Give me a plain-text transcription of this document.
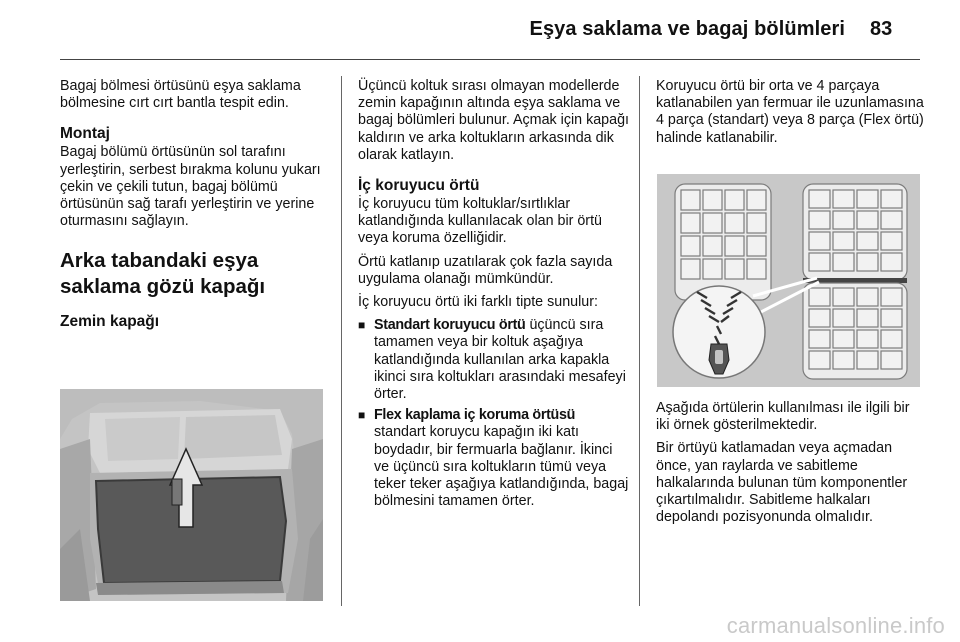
Eşya saklama ve bagaj bölümleri 83

Bagaj bölmesi örtüsünü eşya saklama bölmesine cırt cırt bantla tespit edin.

Montaj

Bagaj bölümü örtüsünün sol tarafını yerleştirin, serbest bırakma kolunu yukarı çekin ve çekili tutun, bagaj bölümü örtüsünün sağ tarafı yerleştirin ve yerine oturmasını sağlayın.

Arka tabandaki eşya saklama gözü kapağı
Zemin kapağı

Üçüncü koltuk sırası olmayan modellerde zemin kapağının altında eşya saklama ve bagaj bölümleri bulunur. Açmak için kapağı kaldırın ve arka koltukların arkasında dik olarak katlayın.

İç koruyucu örtü

İç koruyucu tüm koltuklar/sırtlıklar katlandığında kullanılacak olan bir örtü veya koruma özelliğidir.

Örtü katlanıp uzatılarak çok fazla sayıda uygulama olanağı mümkündür.

İç koruyucu örtü iki farklı tipte sunulur:

■ Standart koruyucu örtü üçüncü sıra tamamen veya bir koltuk aşağıya katlandığında kullanılan arka kapakla ikinci sıra koltukları arasındaki mesafeyi örter.
■ Flex kaplama iç koruma örtüsü standart koruycu kapağın iki katı boydadır, bir fermuarla bağlanır. İkinci ve üçüncü sıra koltukların tümü veya teker teker aşağıya katlandığında, bagaj bölmesini tamamen örter.

Koruyucu örtü bir orta ve 4 parçaya katlanabilen yan fermuar ile uzunlamasına 4 parça (standart) veya 8 parça (Flex örtü) halinde katlanabilir.

Aşağıda örtülerin kullanılması ile ilgili bir iki örnek gösterilmektedir.

Bir örtüyü katlamadan veya açmadan önce, yan raylarda ve sabitleme halkalarında bulunan tüm komponentler çıkartılmalıdır. Sabitleme halkaları depolandı pozisyonunda olmalıdır.

carmanualsonline.info
